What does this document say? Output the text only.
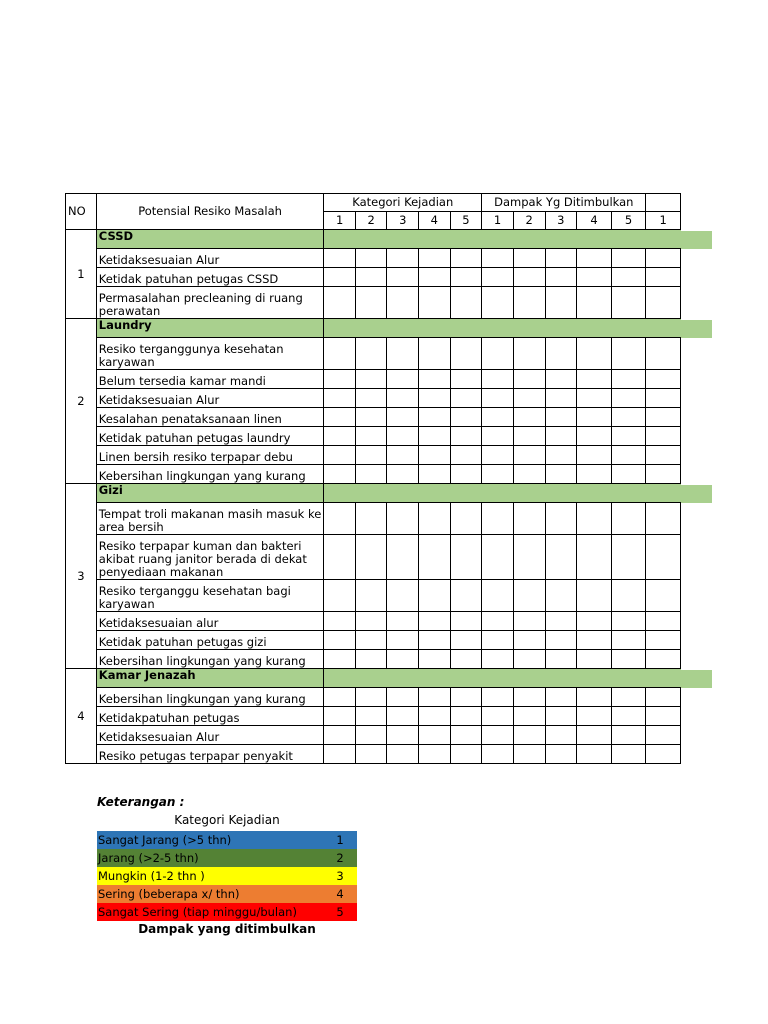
NO	Potensial Resiko Masalah	Kategori Kejadian					Dampak Yg Ditimbulkan					
		1	2	3	4	5	1	2	3	4	5	1
1	CSSD											
	Ketidaksesuaian Alur											
	Ketidak patuhan petugas CSSD											
	Permasalahan precleaning di ruang perawatan											
2	Laundry											
	Resiko terganggunya kesehatan karyawan											
	Belum tersedia kamar mandi											
	Ketidaksesuaian Alur											
	Kesalahan penataksanaan linen											
	Ketidak patuhan petugas laundry											
	Linen bersih resiko terpapar debu											
	Kebersihan lingkungan yang kurang											
3	Gizi											
	Tempat troli makanan masih masuk ke area bersih											
	Resiko terpapar kuman dan bakteri akibat ruang janitor berada di dekat penyediaan makanan											
	Resiko terganggu kesehatan bagi karyawan											
	Ketidaksesuaian alur											
	Ketidak patuhan petugas gizi											
	Kebersihan lingkungan yang kurang											
4	Kamar Jenazah											
	Kebersihan lingkungan yang kurang											
	Ketidakpatuhan petugas											
	Ketidaksesuaian Alur											
	Resiko petugas terpapar penyakit											
Keterangan :
Kategori Kejadian
Sangat Jarang (>5 thn)	1
Jarang (>2-5 thn)	2
Mungkin (1-2 thn )	3
Sering (beberapa x/ thn)	4
Sangat Sering (tiap minggu/bulan)	5
Dampak yang ditimbulkan
